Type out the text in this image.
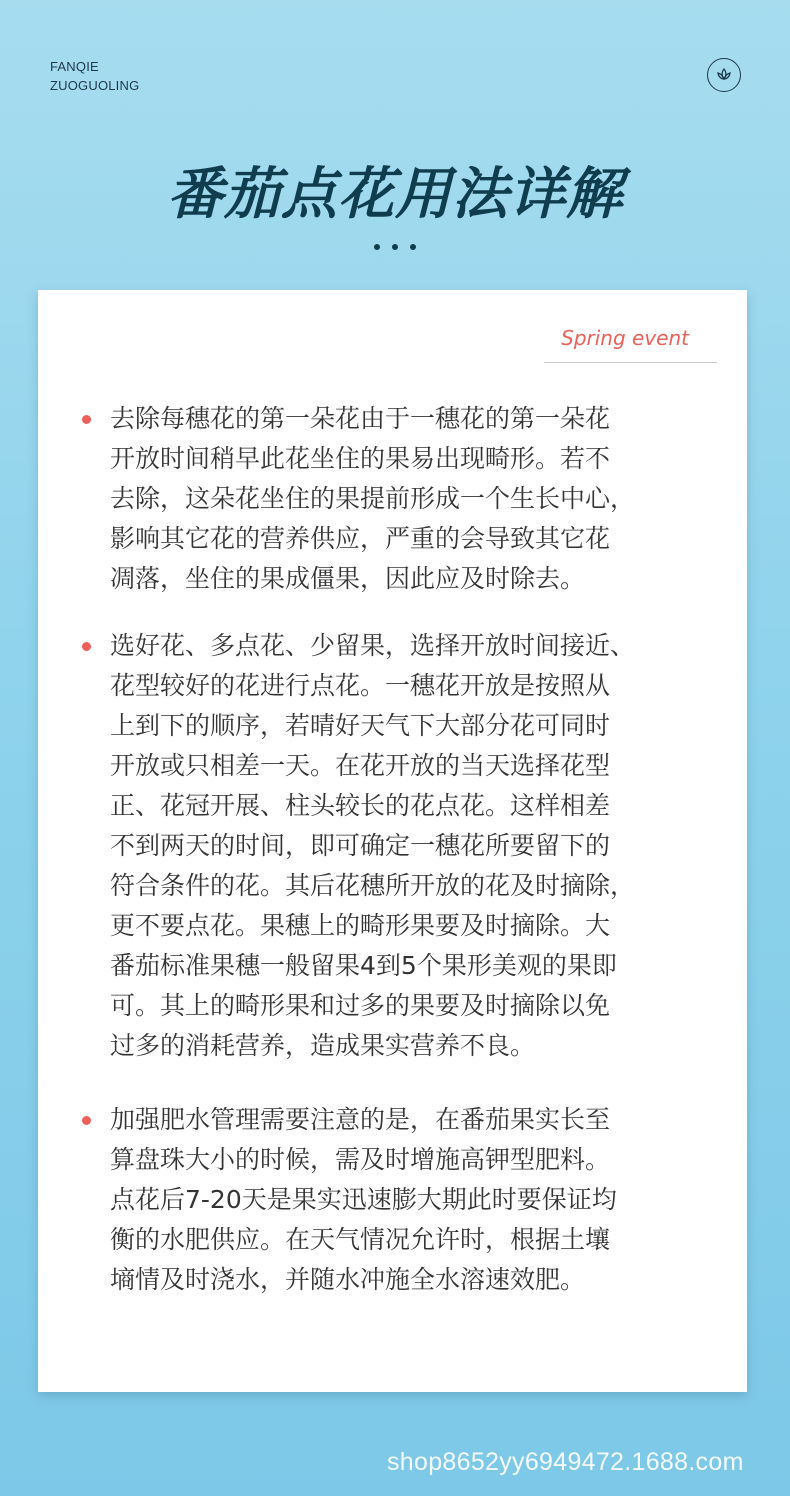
FANQIE
ZUOGUOLING
番茄点花用法详解
Spring event

去除每穗花的第一朵花由于一穗花的第一朵花
开放时间稍早此花坐住的果易出现畸形。若不
去除，这朵花坐住的果提前形成一个生长中心，
影响其它花的营养供应，严重的会导致其它花
凋落，坐住的果成僵果，因此应及时除去。

选好花、多点花、少留果，选择开放时间接近、
花型较好的花进行点花。一穗花开放是按照从
上到下的顺序，若晴好天气下大部分花可同时
开放或只相差一天。在花开放的当天选择花型
正、花冠开展、柱头较长的花点花。这样相差
不到两天的时间，即可确定一穗花所要留下的
符合条件的花。其后花穗所开放的花及时摘除，
更不要点花。果穗上的畸形果要及时摘除。大
番茄标准果穗一般留果4到5个果形美观的果即
可。其上的畸形果和过多的果要及时摘除以免
过多的消耗营养，造成果实营养不良。

加强肥水管理需要注意的是，在番茄果实长至
算盘珠大小的时候，需及时增施高钾型肥料。
点花后7-20天是果实迅速膨大期此时要保证均
衡的水肥供应。在天气情况允许时，根据土壤
墒情及时浇水，并随水冲施全水溶速效肥。

shop8652yy6949472.1688.com
